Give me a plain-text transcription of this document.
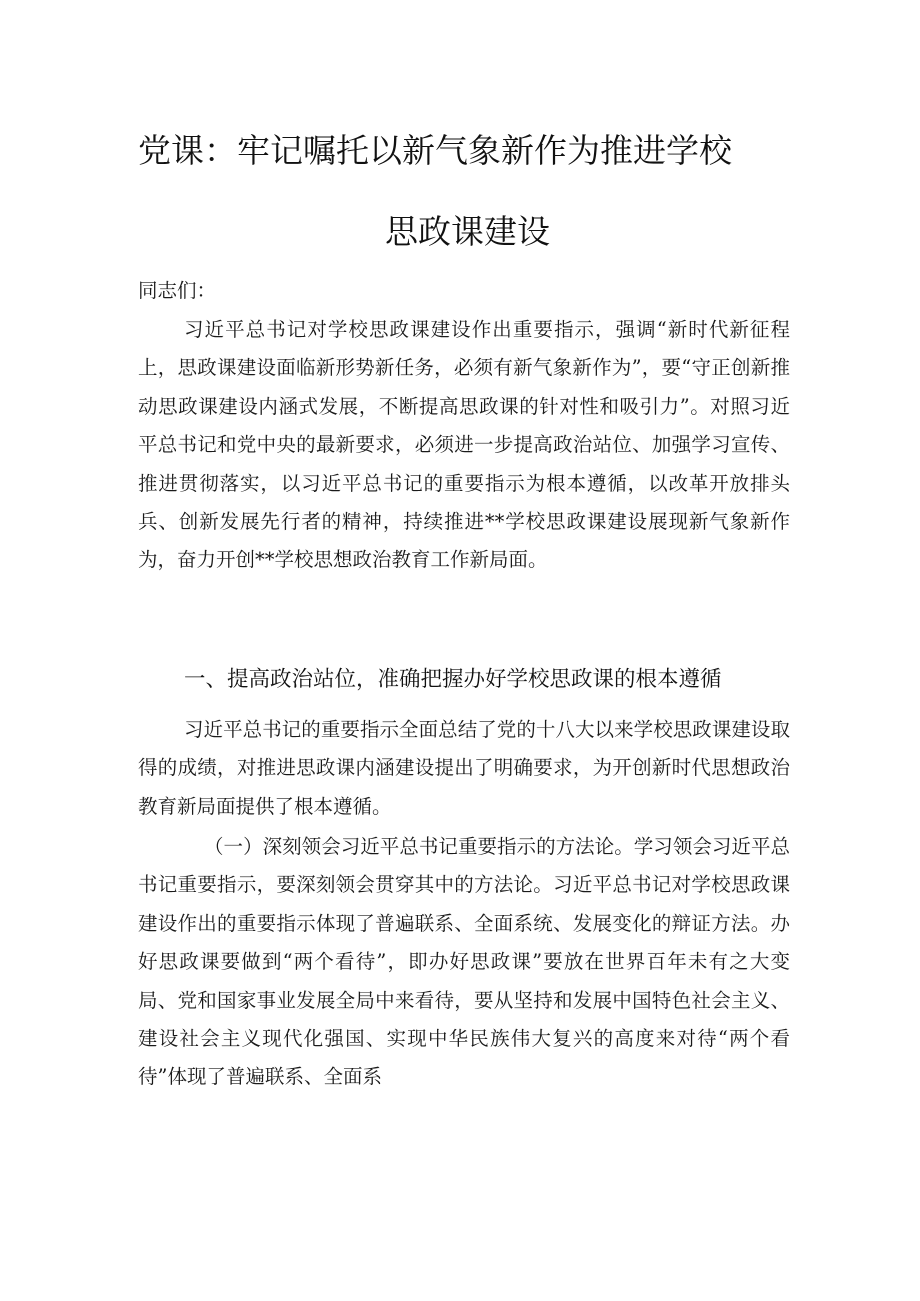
党课：牢记嘱托以新气象新作为推进学校
思政课建设

同志们：

习近平总书记对学校思政课建设作出重要指示，强调“新时代新征程上，思政课建设面临新形势新任务，必须有新气象新作为”，要“守正创新推动思政课建设内涵式发展，不断提高思政课的针对性和吸引力”。对照习近平总书记和党中央的最新要求，必须进一步提高政治站位、加强学习宣传、推进贯彻落实，以习近平总书记的重要指示为根本遵循，以改革开放排头兵、创新发展先行者的精神，持续推进**学校思政课建设展现新气象新作为，奋力开创**学校思想政治教育工作新局面。

一、提高政治站位，准确把握办好学校思政课的根本遵循

习近平总书记的重要指示全面总结了党的十八大以来学校思政课建设取得的成绩，对推进思政课内涵建设提出了明确要求，为开创新时代思想政治教育新局面提供了根本遵循。

（一）深刻领会习近平总书记重要指示的方法论。学习领会习近平总书记重要指示，要深刻领会贯穿其中的方法论。习近平总书记对学校思政课建设作出的重要指示体现了普遍联系、全面系统、发展变化的辩证方法。办好思政课要做到“两个看待”，即办好思政课”要放在世界百年未有之大变局、党和国家事业发展全局中来看待，要从坚持和发展中国特色社会主义、建设社会主义现代化强国、实现中华民族伟大复兴的高度来对待“两个看待”体现了普遍联系、全面系
